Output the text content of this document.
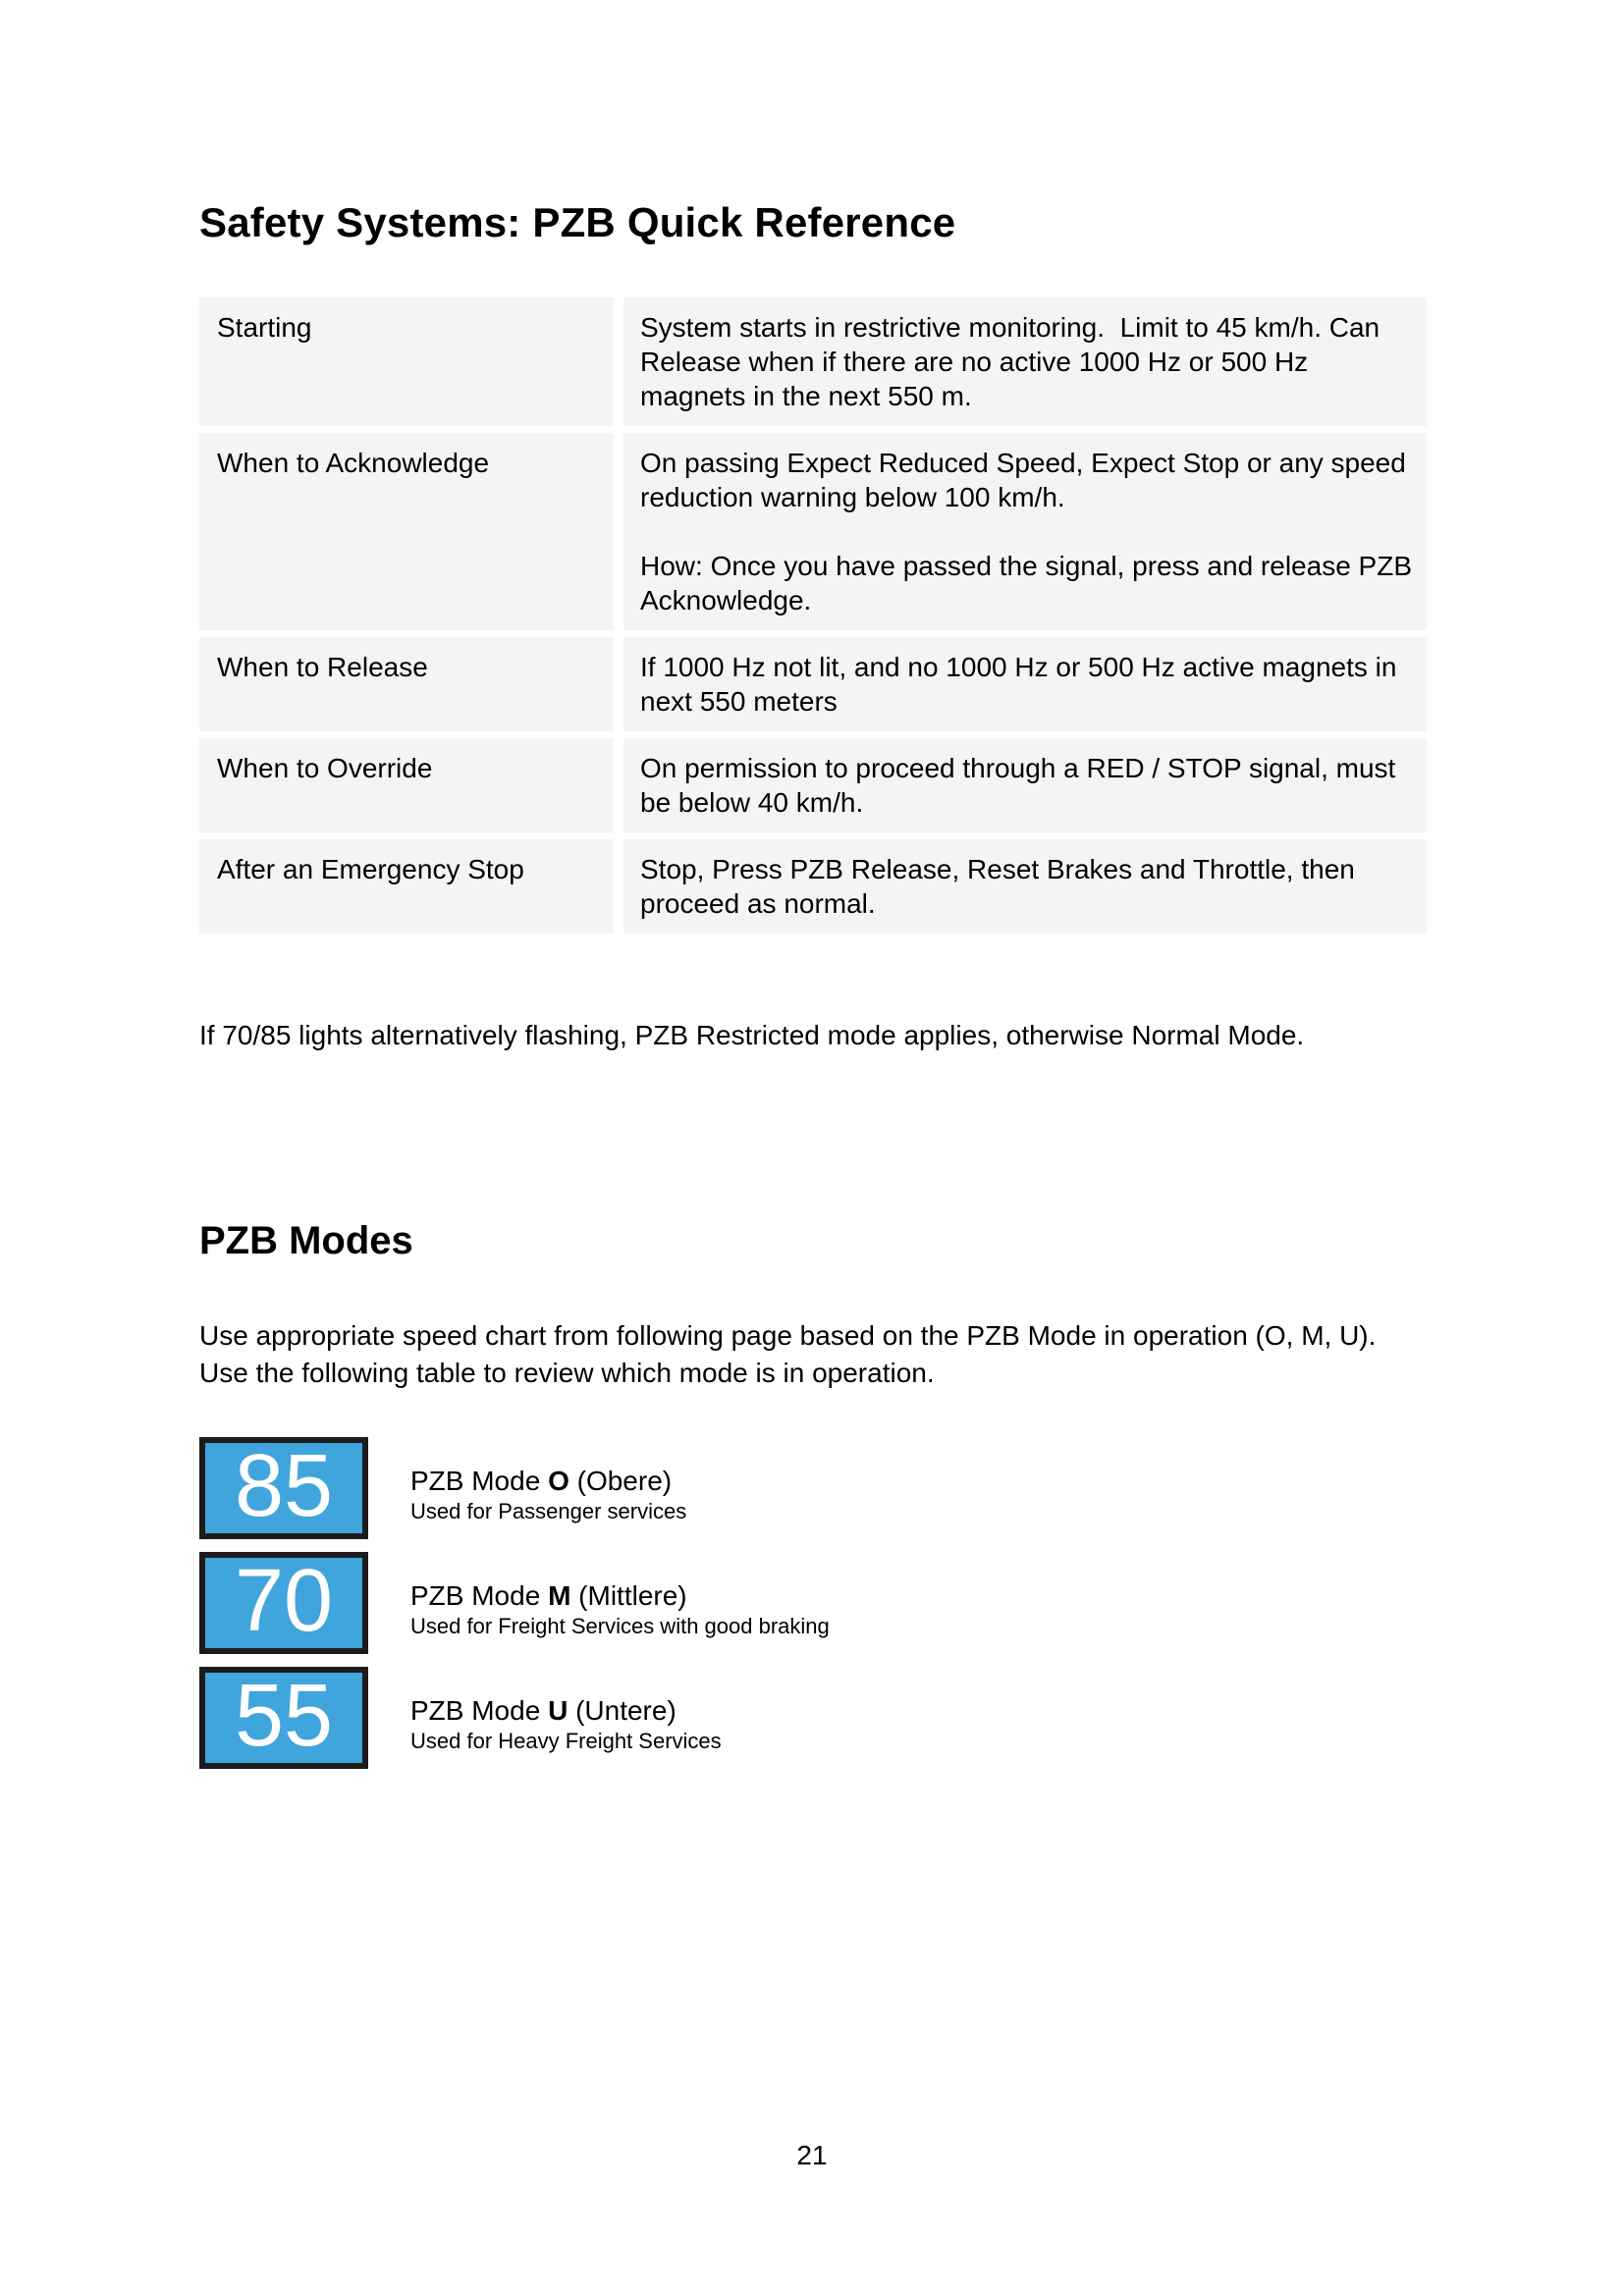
Safety Systems: PZB Quick Reference
Starting	System starts in restrictive monitoring.  Limit to 45 km/h. Can Release when if there are no active 1000 Hz or 500 Hz magnets in the next 550 m.

When to Acknowledge	On passing Expect Reduced Speed, Expect Stop or any speed reduction warning below 100 km/h.

How: Once you have passed the signal, press and release PZB Acknowledge.

When to Release	If 1000 Hz not lit, and no 1000 Hz or 500 Hz active magnets in next 550 meters

When to Override	On permission to proceed through a RED / STOP signal, must be below 40 km/h.

After an Emergency Stop	Stop, Press PZB Release, Reset Brakes and Throttle, then proceed as normal.

If 70/85 lights alternatively flashing, PZB Restricted mode applies, otherwise Normal Mode.

PZB Modes

Use appropriate speed chart from following page based on the PZB Mode in operation (O, M, U). Use the following table to review which mode is in operation.

85	PZB Mode O (Obere)
Used for Passenger services
70	PZB Mode M (Mittlere)
Used for Freight Services with good braking
55	PZB Mode U (Untere)
Used for Heavy Freight Services
21
